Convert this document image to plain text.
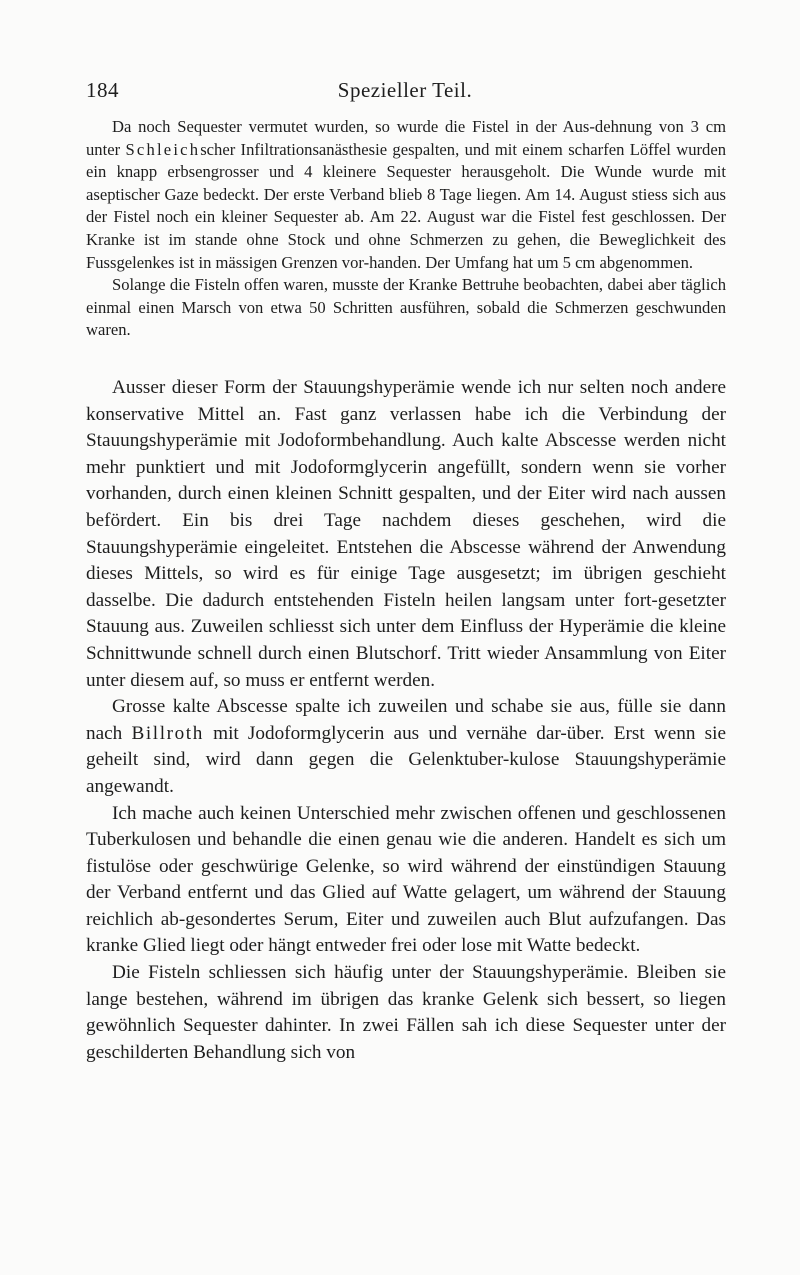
184	Spezieller Teil.

Da noch Sequester vermutet wurden, so wurde die Fistel in der Aus-dehnung von 3 cm unter Schleichscher Infiltrationsanästhesie gespalten, und mit einem scharfen Löffel wurden ein knapp erbsengrosser und 4 kleinere Sequester herausgeholt. Die Wunde wurde mit aseptischer Gaze bedeckt. Der erste Verband blieb 8 Tage liegen. Am 14. August stiess sich aus der Fistel noch ein kleiner Sequester ab. Am 22. August war die Fistel fest geschlossen. Der Kranke ist im stande ohne Stock und ohne Schmerzen zu gehen, die Beweglichkeit des Fussgelenkes ist in mässigen Grenzen vor-handen. Der Umfang hat um 5 cm abgenommen.

Solange die Fisteln offen waren, musste der Kranke Bettruhe beobachten, dabei aber täglich einmal einen Marsch von etwa 50 Schritten ausführen, sobald die Schmerzen geschwunden waren.

Ausser dieser Form der Stauungshyperämie wende ich nur selten noch andere konservative Mittel an. Fast ganz verlassen habe ich die Verbindung der Stauungshyperämie mit Jodoformbehandlung. Auch kalte Abscesse werden nicht mehr punktiert und mit Jodoformglycerin angefüllt, sondern wenn sie vorher vorhanden, durch einen kleinen Schnitt gespalten, und der Eiter wird nach aussen befördert. Ein bis drei Tage nachdem dieses geschehen, wird die Stauungshyperämie eingeleitet. Entstehen die Abscesse während der Anwendung dieses Mittels, so wird es für einige Tage ausgesetzt; im übrigen geschieht dasselbe. Die dadurch entstehenden Fisteln heilen langsam unter fort-gesetzter Stauung aus. Zuweilen schliesst sich unter dem Einfluss der Hyperämie die kleine Schnittwunde schnell durch einen Blutschorf. Tritt wieder Ansammlung von Eiter unter diesem auf, so muss er entfernt werden.

Grosse kalte Abscesse spalte ich zuweilen und schabe sie aus, fülle sie dann nach Billroth mit Jodoformglycerin aus und vernähe dar-über. Erst wenn sie geheilt sind, wird dann gegen die Gelenktuber-kulose Stauungshyperämie angewandt.

Ich mache auch keinen Unterschied mehr zwischen offenen und geschlossenen Tuberkulosen und behandle die einen genau wie die anderen. Handelt es sich um fistulöse oder geschwürige Gelenke, so wird während der einstündigen Stauung der Verband entfernt und das Glied auf Watte gelagert, um während der Stauung reichlich ab-gesondertes Serum, Eiter und zuweilen auch Blut aufzufangen. Das kranke Glied liegt oder hängt entweder frei oder lose mit Watte bedeckt.

Die Fisteln schliessen sich häufig unter der Stauungshyperämie. Bleiben sie lange bestehen, während im übrigen das kranke Gelenk sich bessert, so liegen gewöhnlich Sequester dahinter. In zwei Fällen sah ich diese Sequester unter der geschilderten Behandlung sich von
